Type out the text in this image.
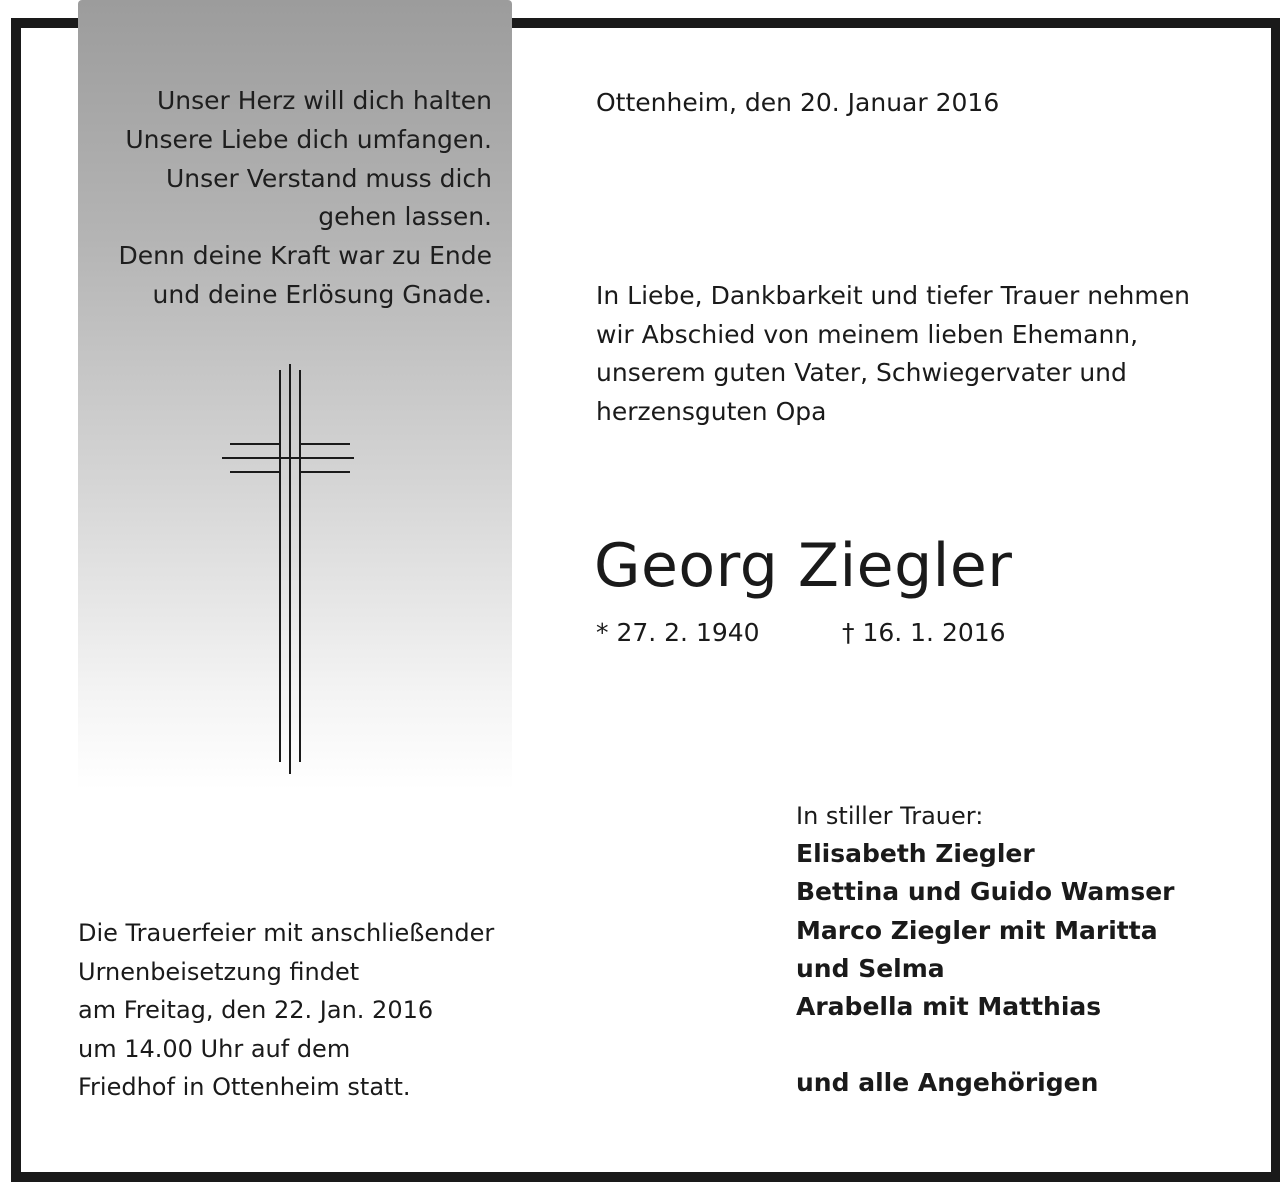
Unser Herz will dich halten
Unsere Liebe dich umfangen.
Unser Verstand muss dich
gehen lassen.
Denn deine Kraft war zu Ende
und deine Erlösung Gnade.
Ottenheim, den 20. Januar 2016
In Liebe, Dankbarkeit und tiefer Trauer nehmen
wir Abschied von meinem lieben Ehemann,
unserem guten Vater, Schwiegervater und
herzensguten Opa
Georg Ziegler
* 27. 2. 1940	† 16. 1. 2016
In stiller Trauer:
Elisabeth Ziegler
Bettina und Guido Wamser
Marco Ziegler mit Maritta
und Selma
Arabella mit Matthias
und alle Angehörigen
Die Trauerfeier mit anschließender
Urnenbeisetzung findet
am Freitag, den 22. Jan. 2016
um 14.00 Uhr auf dem
Friedhof in Ottenheim statt.
